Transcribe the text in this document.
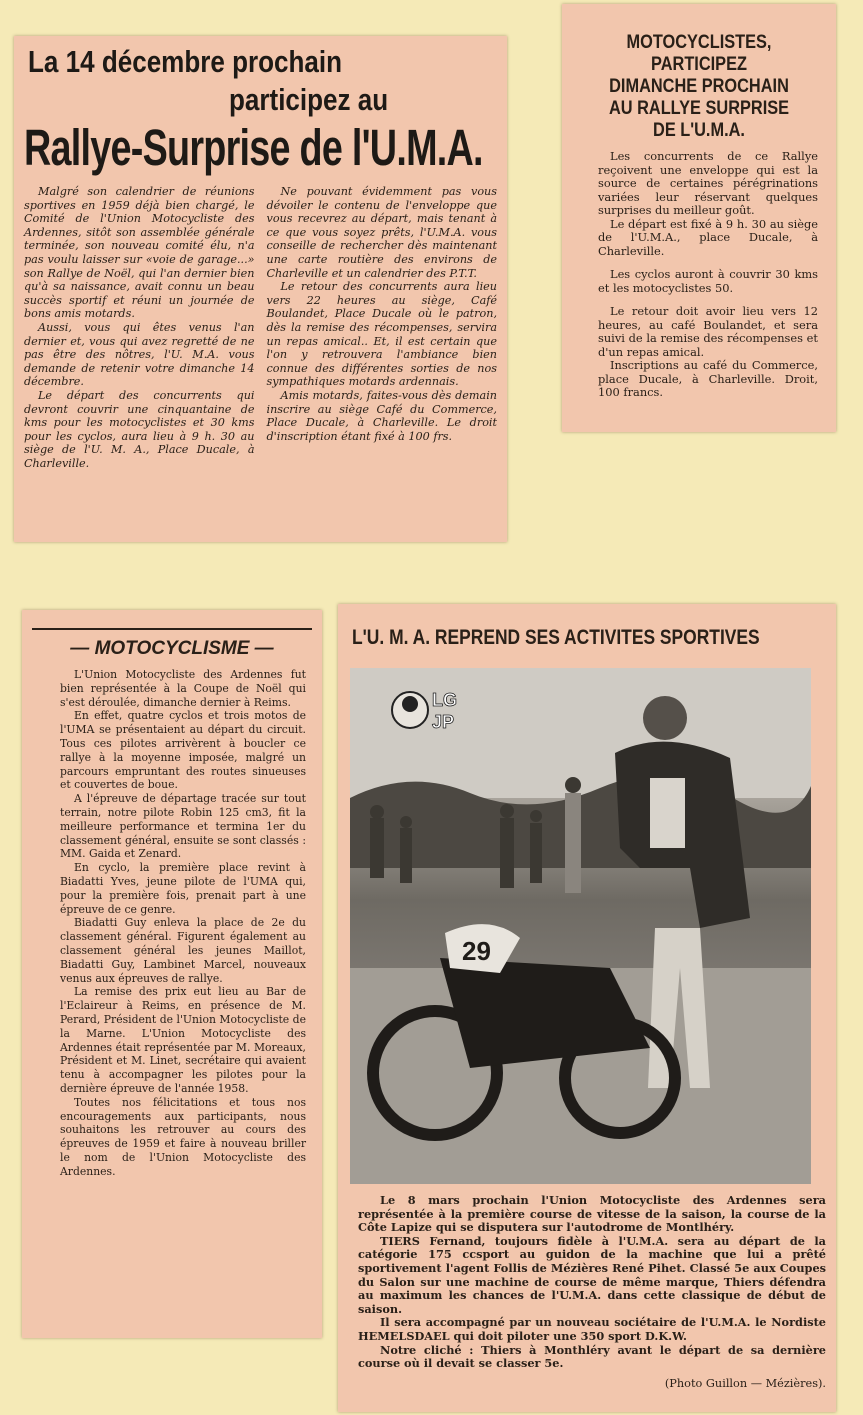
La 14 décembre prochain
participez au
Rallye-Surprise de l'U.M.A.

Malgré son calendrier de réunions sportives en 1959 déjà bien chargé, le Comité de l'Union Motocycliste des Ardennes, sitôt son assemblée générale terminée, son nouveau comité élu, n'a pas voulu laisser sur «voie de garage...» son Rallye de Noël, qui l'an dernier bien qu'à sa naissance, avait connu un beau succès sportif et réuni un journée de bons amis motards.

Aussi, vous qui êtes venus l'an dernier et, vous qui avez regretté de ne pas être des nôtres, l'U. M.A. vous demande de retenir votre dimanche 14 décembre.

Le départ des concurrents qui devront couvrir une cinquantaine de kms pour les motocyclistes et 30 kms pour les cyclos, aura lieu à 9 h. 30 au siège de l'U. M. A., Place Ducale, à Charleville.

Ne pouvant évidemment pas vous dévoiler le contenu de l'enveloppe que vous recevrez au départ, mais tenant à ce que vous soyez prêts, l'U.M.A. vous conseille de rechercher dès maintenant une carte routière des environs de Charleville et un calendrier des P.T.T.

Le retour des concurrents aura lieu vers 22 heures au siège, Café Boulandet, Place Ducale où le patron, dès la remise des récompenses, servira un repas amical.. Et, il est certain que l'on y retrouvera l'ambiance bien connue des différentes sorties de nos sympathiques motards ardennais.

Amis motards, faites-vous dès demain inscrire au siège Café du Commerce, Place Ducale, à Charleville. Le droit d'inscription étant fixé à 100 frs.

MOTOCYCLISTES,
PARTICIPEZ
DIMANCHE PROCHAIN
AU RALLYE SURPRISE
DE L'U.M.A.

Les concurrents de ce Rallye reçoivent une enveloppe qui est la source de certaines pérégrinations variées leur réservant quelques surprises du meilleur goût.

Le départ est fixé à 9 h. 30 au siège de l'U.M.A., place Ducale, à Charleville.

Les cyclos auront à couvrir 30 kms et les motocyclistes 50.

Le retour doit avoir lieu vers 12 heures, au café Boulandet, et sera suivi de la remise des récompenses et d'un repas amical.

Inscriptions au café du Commerce, place Ducale, à Charleville. Droit, 100 francs.

— MOTOCYCLISME —

L'Union Motocycliste des Ardennes fut bien représentée à la Coupe de Noël qui s'est déroulée, dimanche dernier à Reims.

En effet, quatre cyclos et trois motos de l'UMA se présentaient au départ du circuit. Tous ces pilotes arrivèrent à boucler ce rallye à la moyenne imposée, malgré un parcours empruntant des routes sinueuses et couvertes de boue.

A l'épreuve de départage tracée sur tout terrain, notre pilote Robin 125 cm3, fit la meilleure performance et termina 1er du classement général, ensuite se sont classés : MM. Gaida et Zenard.

En cyclo, la première place revint à Biadatti Yves, jeune pilote de l'UMA qui, pour la première fois, prenait part à une épreuve de ce genre.

Biadatti Guy enleva la place de 2e du classement général. Figurent également au classement général les jeunes Maillot, Biadatti Guy, Lambinet Marcel, nouveaux venus aux épreuves de rallye.

La remise des prix eut lieu au Bar de l'Eclaireur à Reims, en présence de M. Perard, Président de l'Union Motocycliste de la Marne. L'Union Motocycliste des Ardennes était représentée par M. Moreaux, Président et M. Linet, secrétaire qui avaient tenu à accompagner les pilotes pour la dernière épreuve de l'année 1958.

Toutes nos félicitations et tous nos encouragements aux participants, nous souhaitons les retrouver au cours des épreuves de 1959 et faire à nouveau briller le nom de l'Union Motocycliste des Ardennes.

L'U. M. A. REPREND SES ACTIVITES SPORTIVES
29
LG
JP

Le 8 mars prochain l'Union Motocycliste des Ardennes sera représentée à la première course de vitesse de la saison, la course de la Côte Lapize qui se disputera sur l'autodrome de Montlhéry.

TIERS Fernand, toujours fidèle à l'U.M.A. sera au départ de la catégorie 175 ccsport au guidon de la machine que lui a prêté sportivement l'agent Follis de Mézières René Pihet. Classé 5e aux Coupes du Salon sur une machine de course de même marque, Thiers défendra au maximum les chances de l'U.M.A. dans cette classique de début de saison.

Il sera accompagné par un nouveau sociétaire de l'U.M.A. le Nordiste HEMELSDAEL qui doit piloter une 350 sport D.K.W.

Notre cliché : Thiers à Monthléry avant le départ de sa dernière course où il devait se classer 5e.

(Photo Guillon — Mézières).
